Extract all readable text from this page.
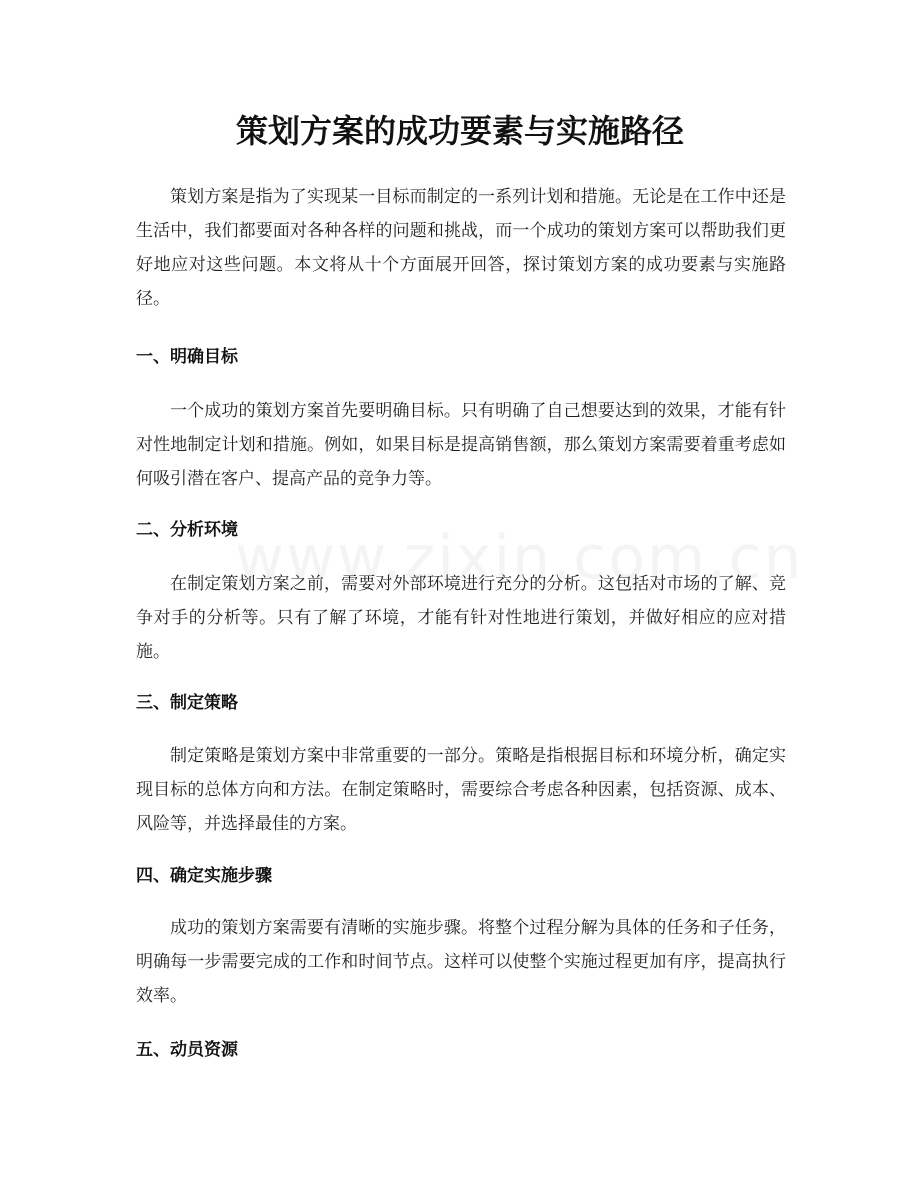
策划方案的成功要素与实施路径

策划方案是指为了实现某一目标而制定的一系列计划和措施。无论是在工作中还是生活中，我们都要面对各种各样的问题和挑战，而一个成功的策划方案可以帮助我们更好地应对这些问题。本文将从十个方面展开回答，探讨策划方案的成功要素与实施路径。

一、明确目标

一个成功的策划方案首先要明确目标。只有明确了自己想要达到的效果，才能有针对性地制定计划和措施。例如，如果目标是提高销售额，那么策划方案需要着重考虑如何吸引潜在客户、提高产品的竞争力等。

二、分析环境

在制定策划方案之前，需要对外部环境进行充分的分析。这包括对市场的了解、竞争对手的分析等。只有了解了环境，才能有针对性地进行策划，并做好相应的应对措施。

三、制定策略

制定策略是策划方案中非常重要的一部分。策略是指根据目标和环境分析，确定实现目标的总体方向和方法。在制定策略时，需要综合考虑各种因素，包括资源、成本、风险等，并选择最佳的方案。

四、确定实施步骤

成功的策划方案需要有清晰的实施步骤。将整个过程分解为具体的任务和子任务，明确每一步需要完成的工作和时间节点。这样可以使整个实施过程更加有序，提高执行效率。

五、动员资源
